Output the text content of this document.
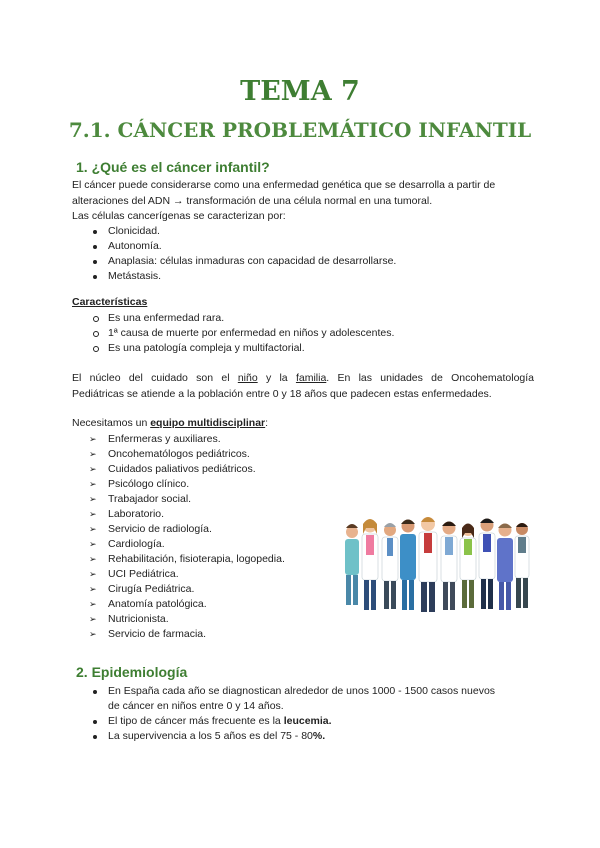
TEMA 7
7.1. CÁNCER PROBLEMÁTICO INFANTIL
1. ¿Qué es el cáncer infantil?
El cáncer puede considerarse como una enfermedad genética que se desarrolla a partir de
alteraciones del ADN → transformación de una célula normal en una tumoral.
Las células cancerígenas se caracterizan por:
Clonicidad.
Autonomía.
Anaplasia: células inmaduras con capacidad de desarrollarse.
Metástasis.
Características
Es una enfermedad rara.
1ª causa de muerte por enfermedad en niños y adolescentes.
Es una patología compleja y multifactorial.
El núcleo del cuidado son el niño y la familia. En las unidades de Oncohematología
Pediátricas se atiende a la población entre 0 y 18 años que padecen estas enfermedades.
Necesitamos un equipo multidisciplinar:
➢ Enfermeras y auxiliares.
➢ Oncohematólogos pediátricos.
➢ Cuidados paliativos pediátricos.
➢ Psicólogo clínico.
➢ Trabajador social.
➢ Laboratorio.
➢ Servicio de radiología.
➢ Cardiología.
➢ Rehabilitación, fisioterapia, logopedia.
➢ UCI Pediátrica.
➢ Cirugía Pediátrica.
➢ Anatomía patológica.
➢ Nutricionista.
➢ Servicio de farmacia.
2. Epidemiología
En España cada año se diagnostican alrededor de unos 1000 - 1500 casos nuevos
de cáncer en niños entre 0 y 14 años.
El tipo de cáncer más frecuente es la leucemia.
La supervivencia a los 5 años es del 75 - 80%.
